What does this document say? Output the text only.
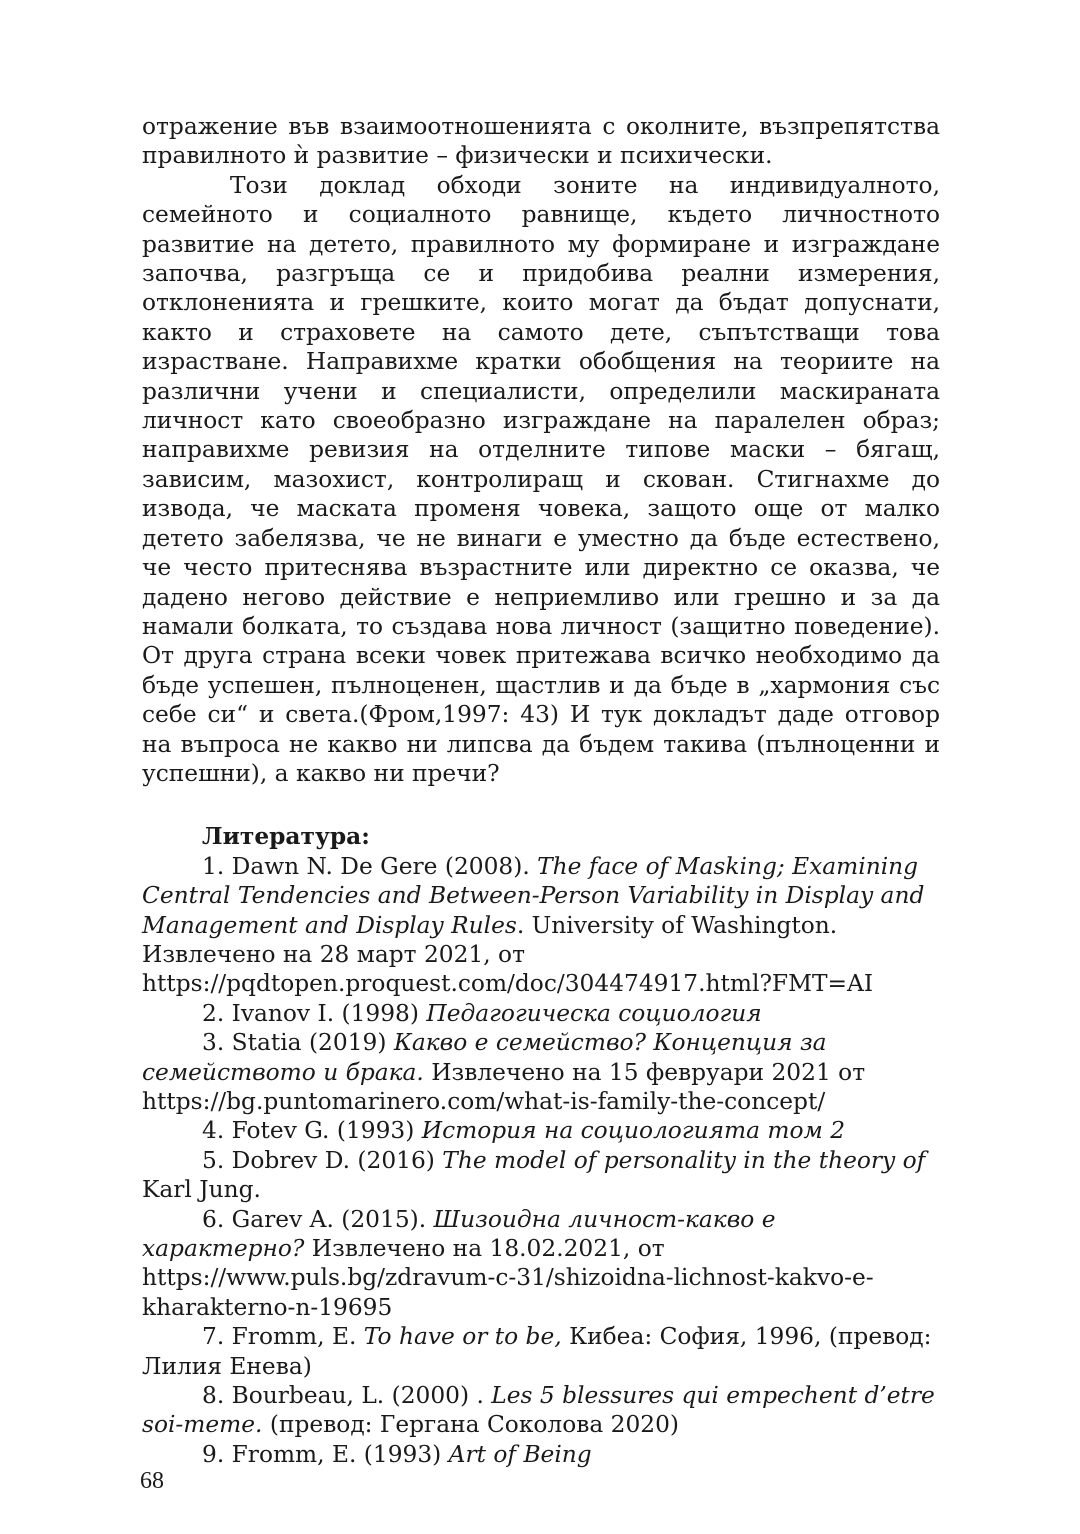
отражение във взаимоотношенията с околните, възпрепятства правилното ѝ развитие – физически и психически.

Този доклад обходи зоните на индивидуалното, семейното и социалното равнище, където личностното развитие на детето, правилното му формиране и изграждане започва, разгръща се и придобива реални измерения, отклоненията и грешките, които могат да бъдат допуснати, както и страховете на самото дете, съпътстващи това израстване. Направихме кратки обобщения на теориите на различни учени и специалисти, определили маскираната личност като своеобразно изграждане на паралелен образ; направихме ревизия на отделните типове маски – бягащ, зависим, мазохист, контролиращ и скован. Стигнахме до извода, че маската променя човека, защото още от малко детето забелязва, че не винаги е уместно да бъде естествено, че често притеснява възрастните или директно се оказва, че дадено негово действие е неприемливо или грешно и за да намали болката, то създава нова личност (защитно поведение). От друга страна всеки човек притежава всичко необходимо да бъде успешен, пълноценен, щастлив и да бъде в „хармония със себе си“ и света.(Фром,1997: 43) И тук докладът даде отговор на въпроса не какво ни липсва да бъдем такива (пълноценни и успешни), а какво ни пречи?

Литература:

1. Dawn N. De Gere (2008). The face of Masking; Examining Central Tendencies and Between-Person Variability in Display and Management and Display Rules. University of Washington. Извлечено на 28 март 2021, от https://pqdtopen.proquest.com/doc/304474917.html?FMT=AI

2. Ivanov I. (1998) Педагогическа социология

3. Statia (2019) Какво е семейство? Концепция за семейството и брака. Извлечено на 15 февруари 2021 от https://bg.puntomarinero.com/what-is-family-the-concept/

4. Fotev G. (1993) История на социологията том 2

5. Dobrev D. (2016) The model of personality in the theory of Karl Jung.

6. Garev A. (2015). Шизоидна личност-какво е характерно? Извлечено на 18.02.2021, от https://www.puls.bg/zdravum-c-31/shizoidna-lichnost-kakvo-e-kharakterno-n-19695

7. Fromm, E. To have or to be, Кибеа: София, 1996, (превод: Лилия Енева)

8. Bourbeau, L. (2000) . Les 5 blessures qui empechent d’etre soi-meme. (превод: Гергана Соколова 2020)

9. Fromm, E. (1993) Art of Being

68
